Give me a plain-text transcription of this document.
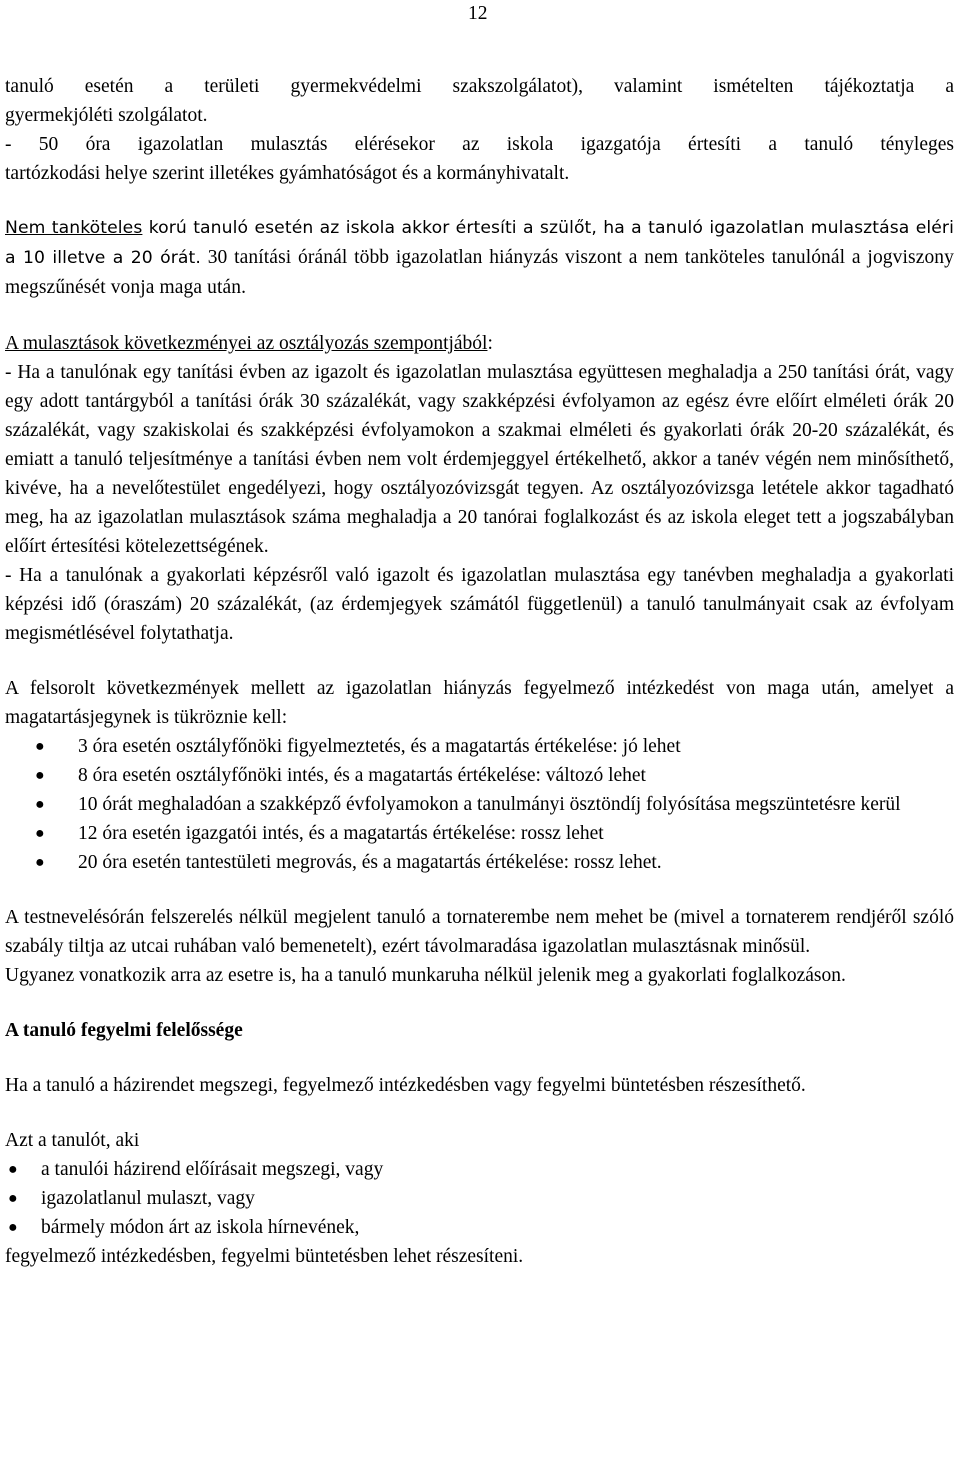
12

tanuló esetén a területi gyermekvédelmi szakszolgálatot), valamint ismételten tájékoztatja a

gyermekjóléti szolgálatot.

- 50 óra igazolatlan mulasztás elérésekor az iskola igazgatója értesíti a tanuló tényleges

tartózkodási helye szerint illetékes gyámhatóságot és a kormányhivatalt.

Nem tanköteles korú tanuló esetén az iskola akkor értesíti a szülőt, ha a tanuló igazolatlan mulasztása eléri a 10 illetve a 20 órát. 30 tanítási óránál több igazolatlan hiányzás viszont a nem tanköteles tanulónál a jogviszony megszűnését vonja maga után.

A mulasztások következményei az osztályozás szempontjából:

- Ha a tanulónak egy tanítási évben az igazolt és igazolatlan mulasztása együttesen meghaladja a 250 tanítási órát, vagy egy adott tantárgyból a tanítási órák 30 százalékát, vagy szakképzési évfolyamon az egész évre előírt elméleti órák 20 százalékát, vagy szakiskolai és szakképzési évfolyamokon a szakmai elméleti és gyakorlati órák 20-20 százalékát, és emiatt a tanuló teljesítménye a tanítási évben nem volt érdemjeggyel értékelhető, akkor a tanév végén nem minősíthető, kivéve, ha a nevelőtestület engedélyezi, hogy osztályozóvizsgát tegyen. Az osztályozóvizsga letétele akkor tagadható meg, ha az igazolatlan mulasztások száma meghaladja a 20 tanórai foglalkozást és az iskola eleget tett a jogszabályban előírt értesítési kötelezettségének.

- Ha a tanulónak a gyakorlati képzésről való igazolt és igazolatlan mulasztása egy tanévben meghaladja a gyakorlati képzési idő (óraszám) 20 százalékát, (az érdemjegyek számától függetlenül) a tanuló tanulmányait csak az évfolyam megismétlésével folytathatja.

A felsorolt következmények mellett az igazolatlan hiányzás fegyelmező intézkedést von maga után, amelyet a magatartásjegynek is tükröznie kell:

● 3 óra esetén osztályfőnöki figyelmeztetés, és a magatartás értékelése: jó lehet
● 8 óra esetén osztályfőnöki intés, és a magatartás értékelése: változó lehet
● 10 órát meghaladóan a szakképző évfolyamokon a tanulmányi ösztöndíj folyósítása megszüntetésre kerül
● 12 óra esetén igazgatói intés, és a magatartás értékelése: rossz lehet
● 20 óra esetén tantestületi megrovás, és a magatartás értékelése: rossz lehet.

A testnevelésórán felszerelés nélkül megjelent tanuló a tornaterembe nem mehet be (mivel a tornaterem rendjéről szóló szabály tiltja az utcai ruhában való bemenetelt), ezért távolmaradása igazolatlan mulasztásnak minősül.

Ugyanez vonatkozik arra az esetre is, ha a tanuló munkaruha nélkül jelenik meg a gyakorlati foglalkozáson.

A tanuló fegyelmi felelőssége

Ha a tanuló a házirendet megszegi, fegyelmező intézkedésben vagy fegyelmi büntetésben részesíthető.

Azt a tanulót, aki

● a tanulói házirend előírásait megszegi, vagy
● igazolatlanul mulaszt, vagy
● bármely módon árt az iskola hírnevének,

fegyelmező intézkedésben, fegyelmi büntetésben lehet részesíteni.
